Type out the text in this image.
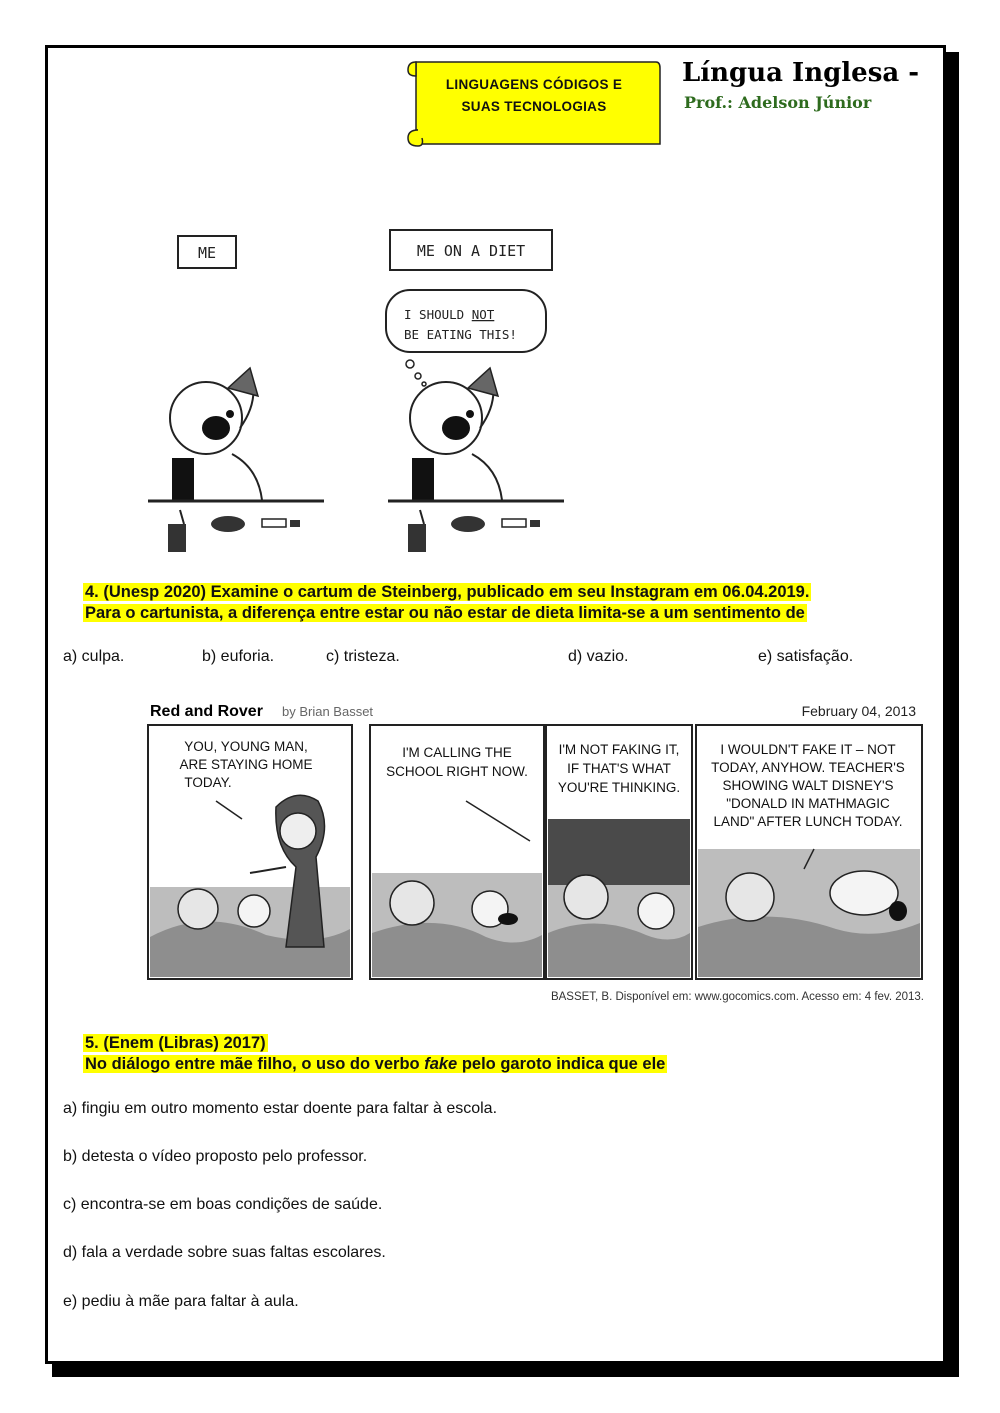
LINGUAGENS CÓDIGOS E
SUAS TECNOLOGIAS
Língua Inglesa -
Prof.: Adelson Júnior
ME	ME ON A DIET
I SHOULD NOT
BE EATING THIS!
4. (Unesp 2020) Examine o cartum de Steinberg, publicado em seu Instagram em 06.04.2019.
Para o cartunista, a diferença entre estar ou não estar de dieta limita-se a um sentimento de
a) culpa.	b) euforia.	c) tristeza.	d) vazio.	e) satisfação.
Red and Rover by Brian Basset	February 04, 2013
YOU, YOUNG MAN,
ARE STAYING HOME
TODAY.
I'M CALLING THE
SCHOOL RIGHT NOW.
I'M NOT FAKING IT,
IF THAT'S WHAT
YOU'RE THINKING.
I WOULDN'T FAKE IT – NOT
TODAY, ANYHOW. TEACHER'S
SHOWING WALT DISNEY'S
"DONALD IN MATHMAGIC
LAND" AFTER LUNCH TODAY.
BASSET, B. Disponível em: www.gocomics.com. Acesso em: 4 fev. 2013.
5. (Enem (Libras) 2017)
No diálogo entre mãe filho, o uso do verbo fake pelo garoto indica que ele
a) fingiu em outro momento estar doente para faltar à escola.
b) detesta o vídeo proposto pelo professor.
c) encontra-se em boas condições de saúde.
d) fala a verdade sobre suas faltas escolares.
e) pediu à mãe para faltar à aula.
